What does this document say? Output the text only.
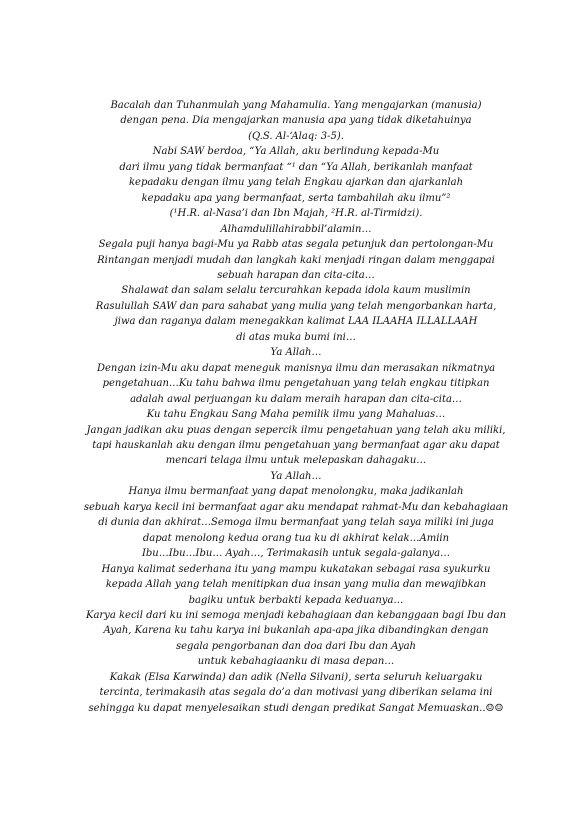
Bacalah dan Tuhanmulah yang Mahamulia. Yang mengajarkan (manusia)
dengan pena. Dia mengajarkan manusia apa yang tidak diketahuinya
(Q.S. Al-‘Alaq: 3-5).
Nabi SAW berdoa, “Ya Allah, aku berlindung kepada-Mu
dari ilmu yang tidak bermanfaat “¹ dan “Ya Allah, berikanlah manfaat
kepadaku dengan ilmu yang telah Engkau ajarkan dan ajarkanlah
kepadaku apa yang bermanfaat, serta tambahilah aku ilmu”²
(¹H.R. al-Nasa’i dan Ibn Majah, ²H.R. al-Tirmidzi).
Alhamdulillahirabbil’alamin…
Segala puji hanya bagi-Mu ya Rabb atas segala petunjuk dan pertolongan-Mu
Rintangan menjadi mudah dan langkah kaki menjadi ringan dalam menggapai
sebuah harapan dan cita-cita…
Shalawat dan salam selalu tercurahkan kepada idola kaum muslimin
Rasulullah SAW dan para sahabat yang mulia yang telah mengorbankan harta,
jiwa dan raganya dalam menegakkan kalimat LAA ILAAHA ILLALLAAH
di atas muka bumi ini…
Ya Allah…
Dengan izin-Mu aku dapat meneguk manisnya ilmu dan merasakan nikmatnya
pengetahuan…Ku tahu bahwa ilmu pengetahuan yang telah engkau titipkan
adalah awal perjuangan ku dalam meraih harapan dan cita-cita…
Ku tahu Engkau Sang Maha pemilik ilmu yang Mahaluas…
Jangan jadikan aku puas dengan sepercik ilmu pengetahuan yang telah aku miliki,
tapi hauskanlah aku dengan ilmu pengetahuan yang bermanfaat agar aku dapat
mencari telaga ilmu untuk melepaskan dahagaku…
Ya Allah…
Hanya ilmu bermanfaat yang dapat menolongku, maka jadikanlah
sebuah karya kecil ini bermanfaat agar aku mendapat rahmat-Mu dan kebahagiaan
di dunia dan akhirat…Semoga ilmu bermanfaat yang telah saya miliki ini juga
dapat menolong kedua orang tua ku di akhirat kelak…Amiin
Ibu…Ibu…Ibu… Ayah…, Terimakasih untuk segala-galanya…
Hanya kalimat sederhana itu yang mampu kukatakan sebagai rasa syukurku
kepada Allah yang telah menitipkan dua insan yang mulia dan mewajibkan
bagiku untuk berbakti kepada keduanya…
Karya kecil dari ku ini semoga menjadi kebahagiaan dan kebanggaan bagi Ibu dan
Ayah, Karena ku tahu karya ini bukanlah apa-apa jika dibandingkan dengan
segala pengorbanan dan doa dari Ibu dan Ayah
untuk kebahagiaanku di masa depan…
Kakak (Elsa Karwinda) dan adik (Nella Silvani), serta seluruh keluargaku
tercinta, terimakasih atas segala do’a dan motivasi yang diberikan selama ini
sehingga ku dapat menyelesaikan studi dengan predikat Sangat Memuaskan..☺☺
